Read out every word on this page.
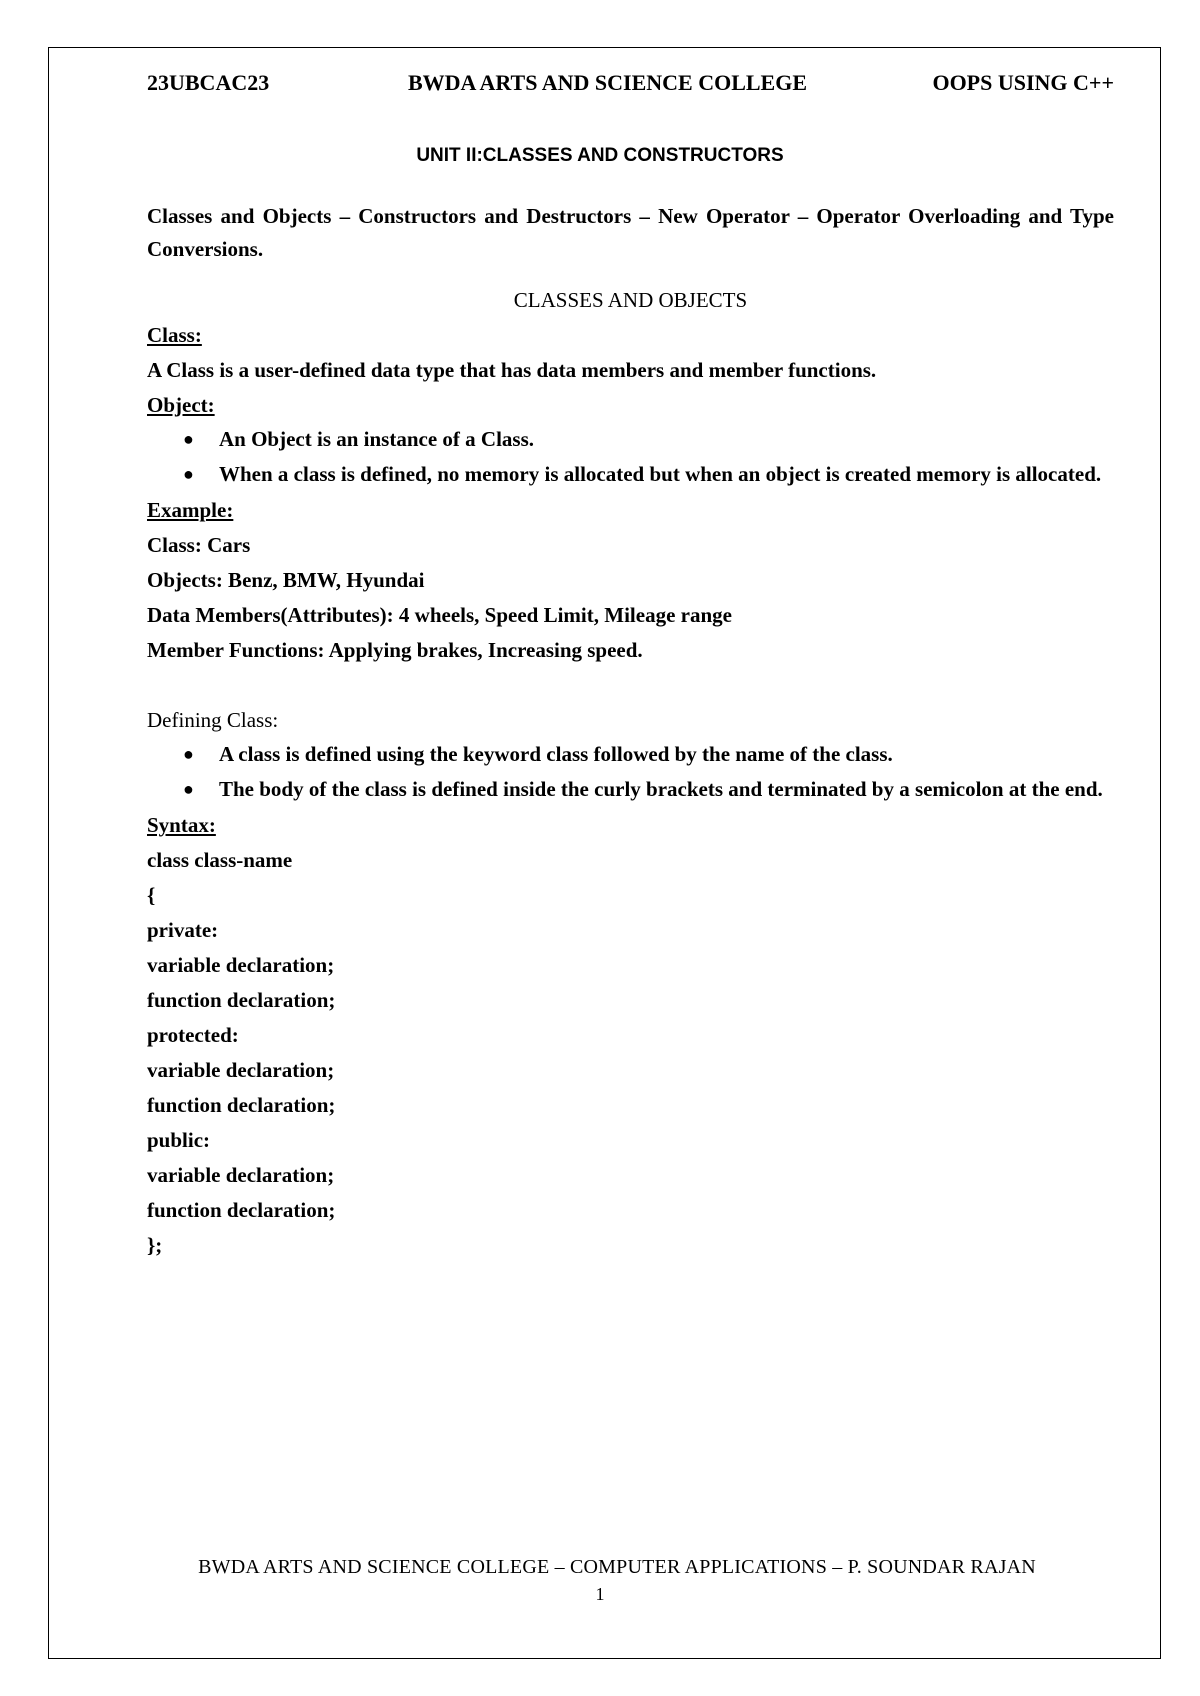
23UBCAC23	BWDA ARTS AND SCIENCE COLLEGE	OOPS USING C++
UNIT II:CLASSES AND CONSTRUCTORS

Classes and Objects – Constructors and Destructors – New Operator – Operator Overloading and Type Conversions.

CLASSES AND OBJECTS

Class:

A Class is a user-defined data type that has data members and member functions.

Object:

● An Object is an instance of a Class.
● When a class is defined, no memory is allocated but when an object is created memory is allocated.

Example:

Class: Cars

Objects: Benz, BMW, Hyundai

Data Members(Attributes): 4 wheels, Speed Limit, Mileage range

Member Functions: Applying brakes, Increasing speed.

Defining Class:

● A class is defined using the keyword class followed by the name of the class.
● The body of the class is defined inside the curly brackets and terminated by a semicolon at the end.

Syntax:

class class-name

{

private:

variable declaration;

function declaration;

protected:

variable declaration;

function declaration;

public:

variable declaration;

function declaration;

};

BWDA ARTS AND SCIENCE COLLEGE – COMPUTER APPLICATIONS – P. SOUNDAR RAJAN
1
